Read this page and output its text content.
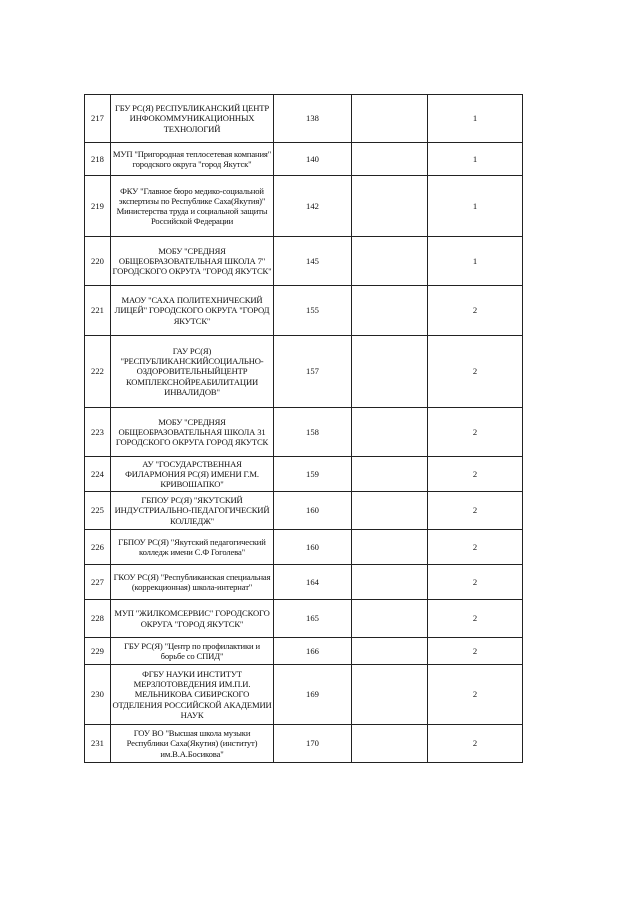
217	ГБУ РС(Я) РЕСПУБЛИКАНСКИЙ ЦЕНТР ИНФОКОММУНИКАЦИОННЫХ ТЕХНОЛОГИЙ	138		1
218	МУП "Пригородная теплосетевая компания" городского округа "город Якутск"	140		1
219	ФКУ "Главное бюро медико-социальной экспертизы по Республике Саха(Якутия)" Министерства труда и социальной защиты Российской Федерации	142		1
220	МОБУ "СРЕДНЯЯ ОБЩЕОБРАЗОВАТЕЛЬНАЯ ШКОЛА 7" ГОРОДСКОГО ОКРУГА "ГОРОД ЯКУТСК"	145		1
221	МАОУ "САХА ПОЛИТЕХНИЧЕСКИЙ ЛИЦЕЙ" ГОРОДСКОГО ОКРУГА "ГОРОД ЯКУТСК"	155		2
222	ГАУ РС(Я) "РЕСПУБЛИКАНСКИЙСОЦИАЛЬНО-ОЗДОРОВИТЕЛЬНЫЙЦЕНТР КОМПЛЕКСНОЙРЕАБИЛИТАЦИИ ИНВАЛИДОВ"	157		2
223	МОБУ "СРЕДНЯЯ ОБЩЕОБРАЗОВАТЕЛЬНАЯ ШКОЛА 31 ГОРОДСКОГО ОКРУГА ГОРОД ЯКУТСК	158		2
224	АУ "ГОСУДАРСТВЕННАЯ ФИЛАРМОНИЯ РС(Я) ИМЕНИ Г.М. КРИВОШАПКО"	159		2
225	ГБПОУ РС(Я) "ЯКУТСКИЙ ИНДУСТРИАЛЬНО-ПЕДАГОГИЧЕСКИЙ КОЛЛЕДЖ"	160		2
226	ГБПОУ РС(Я) "Якутский педагогический колледж имени С.Ф Гоголева"	160		2
227	ГКОУ РС(Я) "Республиканская специальная (коррекционная) школа-интернат"	164		2
228	МУП "ЖИЛКОМСЕРВИС" ГОРОДСКОГО ОКРУГА "ГОРОД ЯКУТСК"	165		2
229	ГБУ РС(Я) "Центр по профилактики и борьбе со СПИД"	166		2
230	ФГБУ НАУКИ ИНСТИТУТ МЕРЗЛОТОВЕДЕНИЯ ИМ.П.И. МЕЛЬНИКОВА СИБИРСКОГО ОТДЕЛЕНИЯ РОССИЙСКОЙ АКАДЕМИИ НАУК	169		2
231	ГОУ ВО "Высшая школа музыки Республики Саха(Якутия) (институт) им.В.А.Босикова"	170		2
